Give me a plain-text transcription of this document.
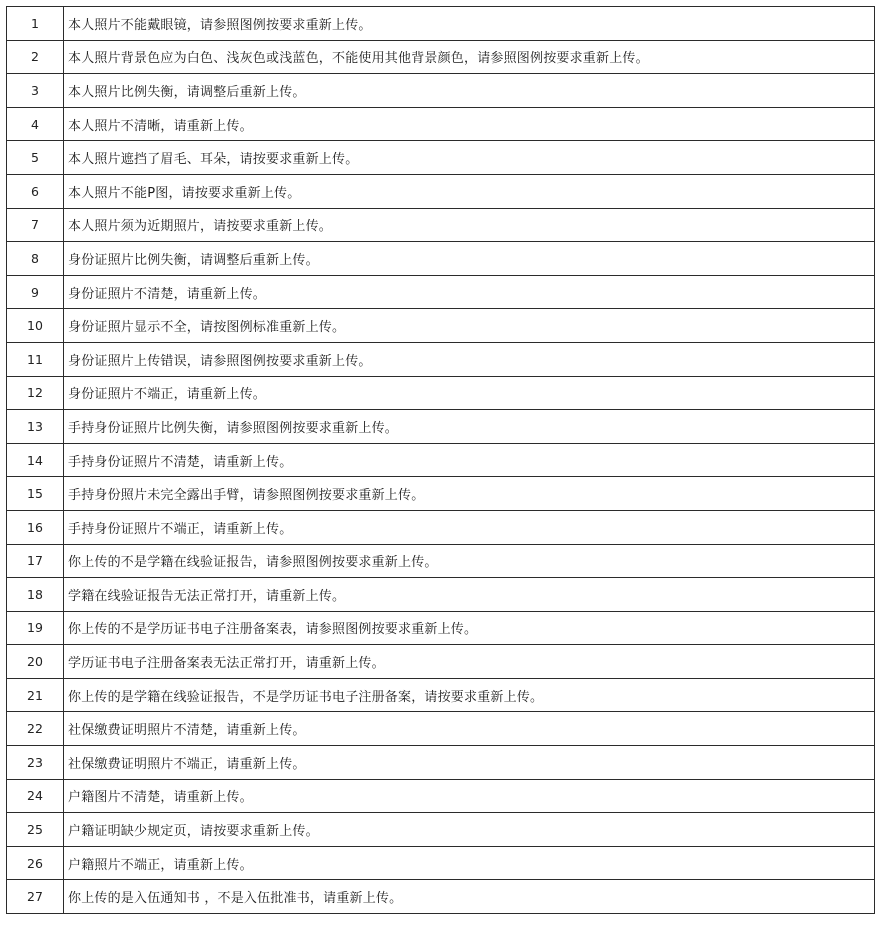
1	本人照片不能戴眼镜，请参照图例按要求重新上传。
2	本人照片背景色应为白色、浅灰色或浅蓝色，不能使用其他背景颜色，请参照图例按要求重新上传。
3	本人照片比例失衡，请调整后重新上传。
4	本人照片不清晰，请重新上传。
5	本人照片遮挡了眉毛、耳朵，请按要求重新上传。
6	本人照片不能P图，请按要求重新上传。
7	本人照片须为近期照片，请按要求重新上传。
8	身份证照片比例失衡，请调整后重新上传。
9	身份证照片不清楚，请重新上传。
10	身份证照片显示不全，请按图例标准重新上传。
11	身份证照片上传错误，请参照图例按要求重新上传。
12	身份证照片不端正，请重新上传。
13	手持身份证照片比例失衡，请参照图例按要求重新上传。
14	手持身份证照片不清楚，请重新上传。
15	手持身份照片未完全露出手臂，请参照图例按要求重新上传。
16	手持身份证照片不端正，请重新上传。
17	你上传的不是学籍在线验证报告，请参照图例按要求重新上传。
18	学籍在线验证报告无法正常打开，请重新上传。
19	你上传的不是学历证书电子注册备案表，请参照图例按要求重新上传。
20	学历证书电子注册备案表无法正常打开，请重新上传。
21	你上传的是学籍在线验证报告，不是学历证书电子注册备案，请按要求重新上传。
22	社保缴费证明照片不清楚，请重新上传。
23	社保缴费证明照片不端正，请重新上传。
24	户籍图片不清楚，请重新上传。
25	户籍证明缺少规定页，请按要求重新上传。
26	户籍照片不端正，请重新上传。
27	你上传的是入伍通知书 ，不是入伍批准书，请重新上传。
